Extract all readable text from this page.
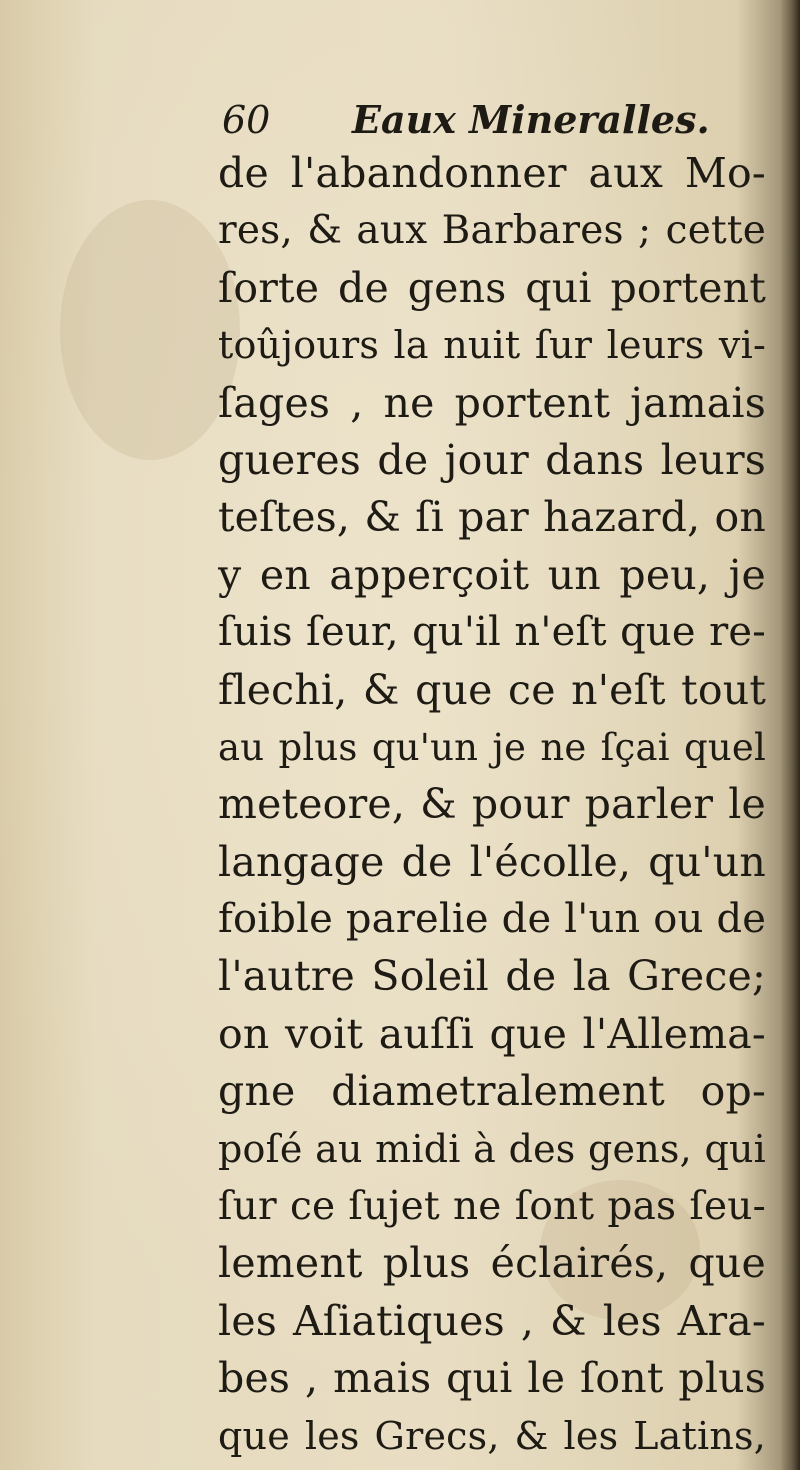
60 Eaux Mineralles.
de l'abandonner aux Mo-
res, & aux Barbares ; cette
ſorte de gens qui portent
toûjours la nuit ſur leurs vi-
ſages , ne portent jamais
gueres de jour dans leurs
teſtes, & ſi par hazard, on
y en apperçoit un peu, je
ſuis ſeur, qu'il n'eſt que re-
flechi, & que ce n'eſt tout
au plus qu'un je ne ſçai quel
meteore, & pour parler le
langage de l'écolle, qu'un
foible parelie de l'un ou de
l'autre Soleil de la Grece;
on voit auſſi que l'Allema-
gne diametralement op-
poſé au midi à des gens, qui
ſur ce ſujet ne ſont pas ſeu-
lement plus éclairés, que
les Aſiatiques , & les Ara-
bes , mais qui le ſont plus
que les Grecs, & les Latins,
